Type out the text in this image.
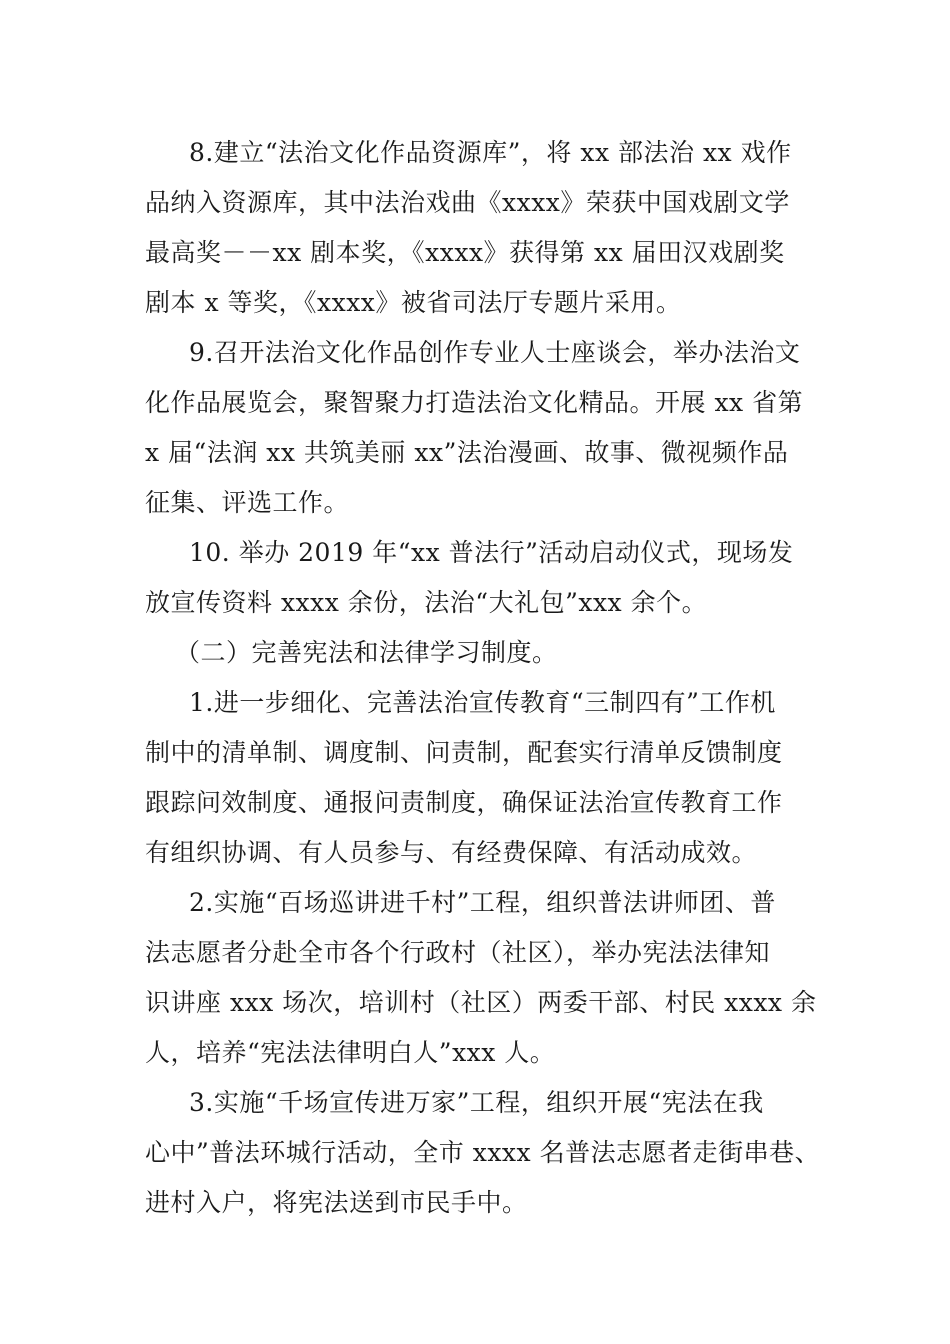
8.建立“法治文化作品资源库”，将 xx 部法治 xx 戏作
品纳入资源库，其中法治戏曲《xxxx》荣获中国戏剧文学
最高奖－－xx 剧本奖，《xxxx》获得第 xx 届田汉戏剧奖
剧本 x 等奖，《xxxx》被省司法厅专题片采用。
9.召开法治文化作品创作专业人士座谈会，举办法治文
化作品展览会，聚智聚力打造法治文化精品。开展 xx 省第
x 届“法润 xx 共筑美丽 xx”法治漫画、故事、微视频作品
征集、评选工作。
10. 举办 2019 年“xx 普法行”活动启动仪式，现场发
放宣传资料 xxxx 余份，法治“大礼包”xxx 余个。
（二）完善宪法和法律学习制度。
1.进一步细化、完善法治宣传教育“三制四有”工作机
制中的清单制、调度制、问责制，配套实行清单反馈制度
跟踪问效制度、通报问责制度，确保证法治宣传教育工作
有组织协调、有人员参与、有经费保障、有活动成效。
2.实施“百场巡讲进千村”工程，组织普法讲师团、普
法志愿者分赴全市各个行政村（社区），举办宪法法律知
识讲座 xxx 场次，培训村（社区）两委干部、村民 xxxx 余
人，培养“宪法法律明白人”xxx 人。
3.实施“千场宣传进万家”工程，组织开展“宪法在我
心中”普法环城行活动，全市 xxxx 名普法志愿者走街串巷、
进村入户，将宪法送到市民手中。
